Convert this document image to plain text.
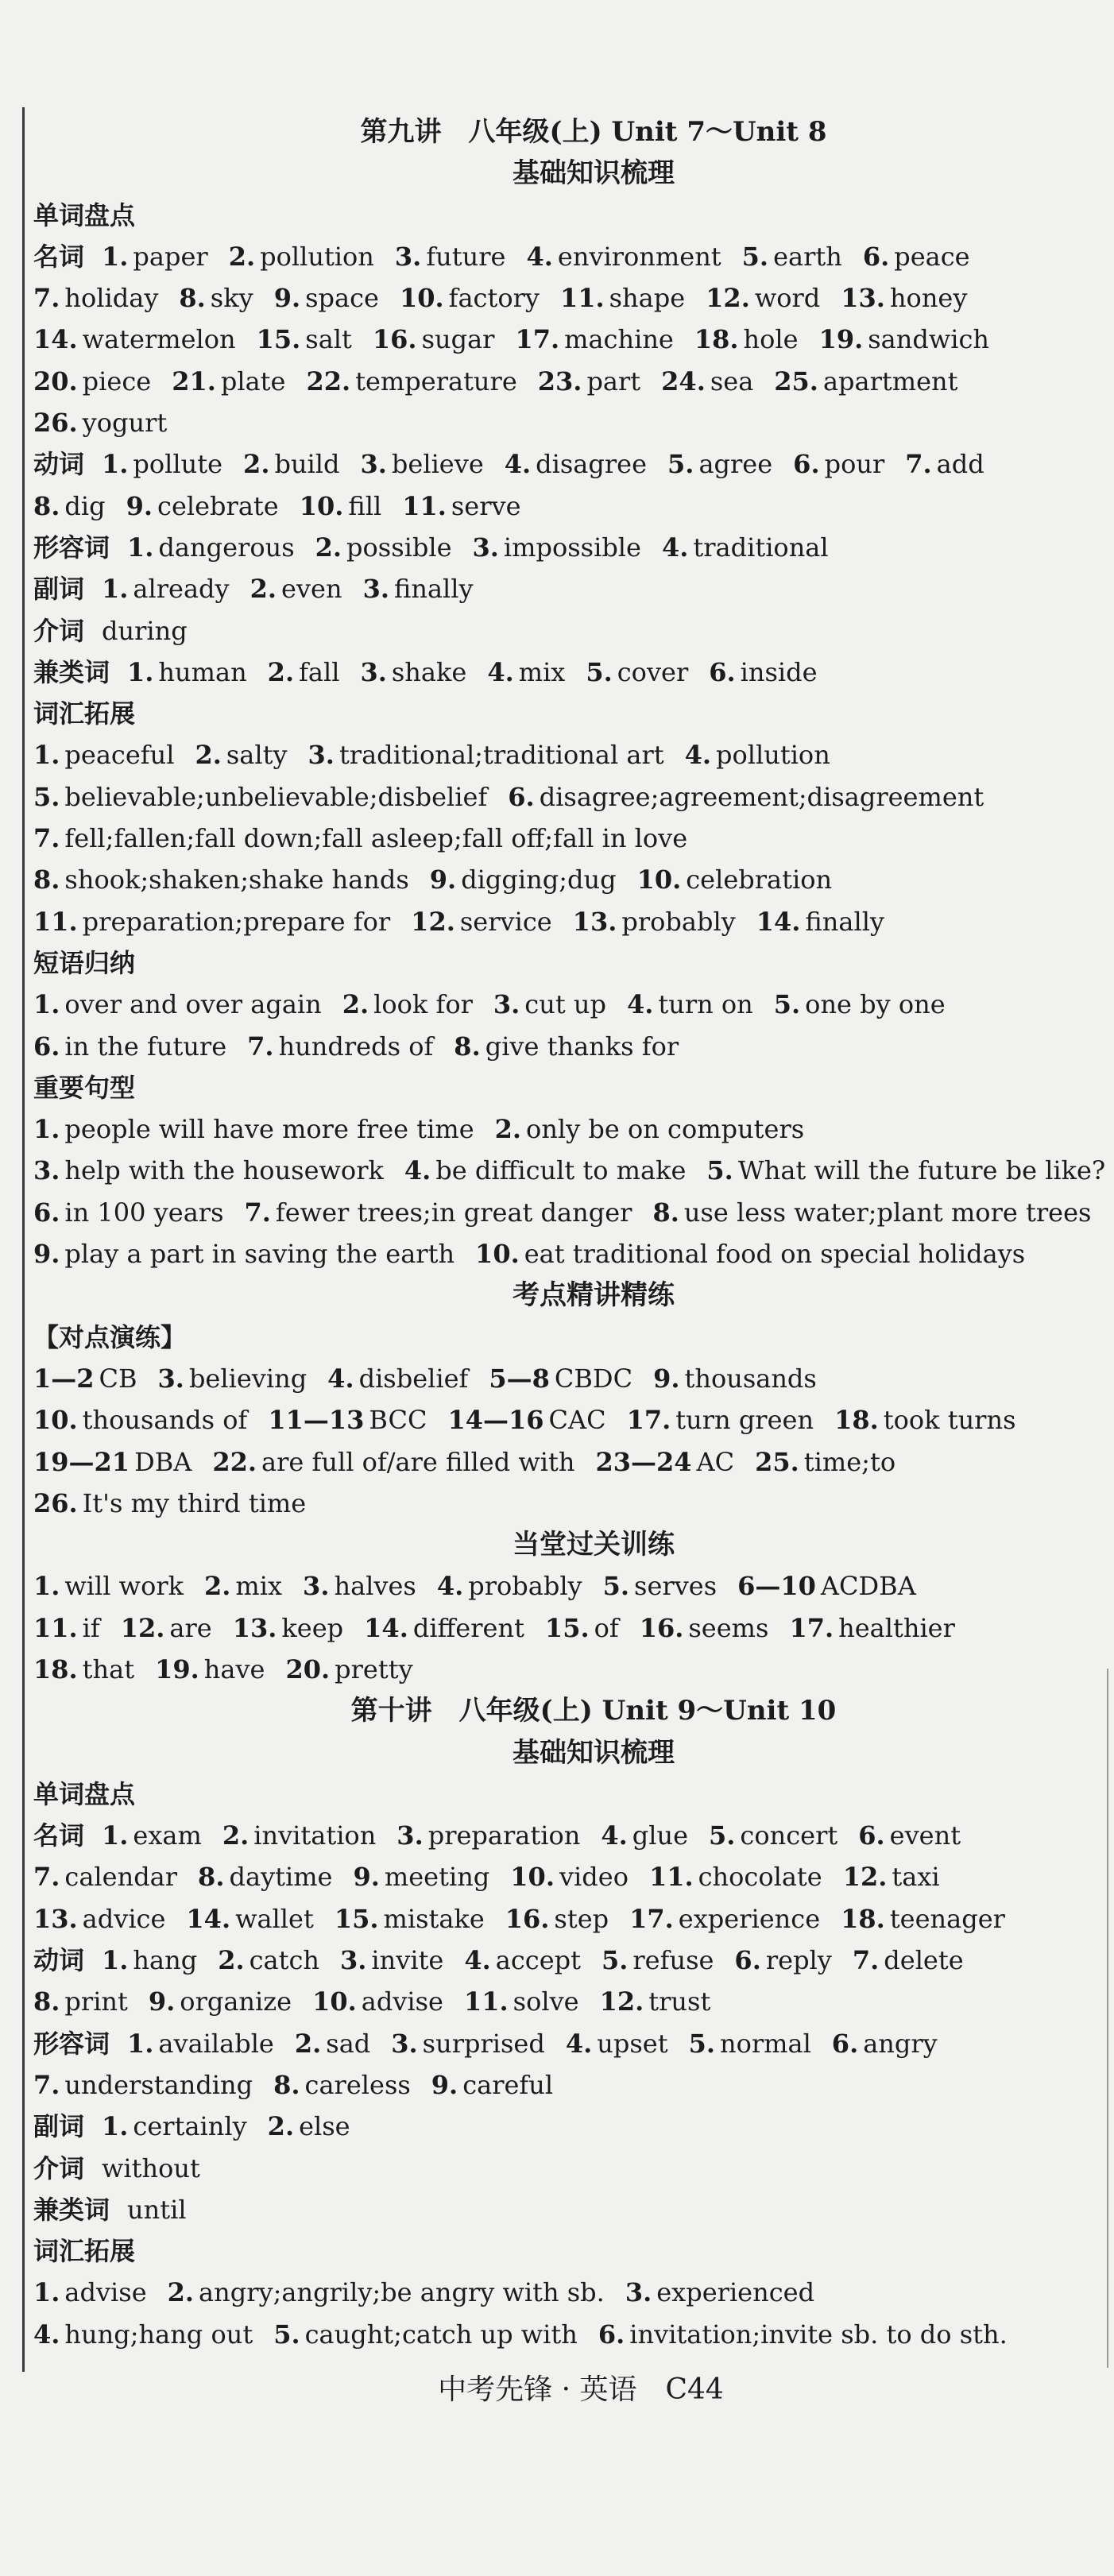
第九讲　八年级(上) Unit 7～Unit 8
基础知识梳理
单词盘点
名词 1. paper 2. pollution 3. future 4. environment 5. earth 6. peace
7. holiday 8. sky 9. space 10. factory 11. shape 12. word 13. honey
14. watermelon 15. salt 16. sugar 17. machine 18. hole 19. sandwich
20. piece 21. plate 22. temperature 23. part 24. sea 25. apartment
26. yogurt
动词 1. pollute 2. build 3. believe 4. disagree 5. agree 6. pour 7. add
8. dig 9. celebrate 10. fill 11. serve
形容词 1. dangerous 2. possible 3. impossible 4. traditional
副词 1. already 2. even 3. finally
介词 during
兼类词 1. human 2. fall 3. shake 4. mix 5. cover 6. inside
词汇拓展
1. peaceful 2. salty 3. traditional;traditional art 4. pollution
5. believable;unbelievable;disbelief 6. disagree;agreement;disagreement
7. fell;fallen;fall down;fall asleep;fall off;fall in love
8. shook;shaken;shake hands 9. digging;dug 10. celebration
11. preparation;prepare for 12. service 13. probably 14. finally
短语归纳
1. over and over again 2. look for 3. cut up 4. turn on 5. one by one
6. in the future 7. hundreds of 8. give thanks for
重要句型
1. people will have more free time 2. only be on computers
3. help with the housework 4. be difficult to make 5. What will the future be like?
6. in 100 years 7. fewer trees;in great danger 8. use less water;plant more trees
9. play a part in saving the earth 10. eat traditional food on special holidays
考点精讲精练
【对点演练】
1—2 CB 3. believing 4. disbelief 5—8 CBDC 9. thousands
10. thousands of 11—13 BCC 14—16 CAC 17. turn green 18. took turns
19—21 DBA 22. are full of/are filled with 23—24 AC 25. time;to
26. It's my third time
当堂过关训练
1. will work 2. mix 3. halves 4. probably 5. serves 6—10 ACDBA
11. if 12. are 13. keep 14. different 15. of 16. seems 17. healthier
18. that 19. have 20. pretty
第十讲　八年级(上) Unit 9～Unit 10
基础知识梳理
单词盘点
名词 1. exam 2. invitation 3. preparation 4. glue 5. concert 6. event
7. calendar 8. daytime 9. meeting 10. video 11. chocolate 12. taxi
13. advice 14. wallet 15. mistake 16. step 17. experience 18. teenager
动词 1. hang 2. catch 3. invite 4. accept 5. refuse 6. reply 7. delete
8. print 9. organize 10. advise 11. solve 12. trust
形容词 1. available 2. sad 3. surprised 4. upset 5. normal 6. angry
7. understanding 8. careless 9. careful
副词 1. certainly 2. else
介词 without
兼类词 until
词汇拓展
1. advise 2. angry;angrily;be angry with sb. 3. experienced
4. hung;hang out 5. caught;catch up with 6. invitation;invite sb. to do sth.
中考先锋 · 英语　C44
